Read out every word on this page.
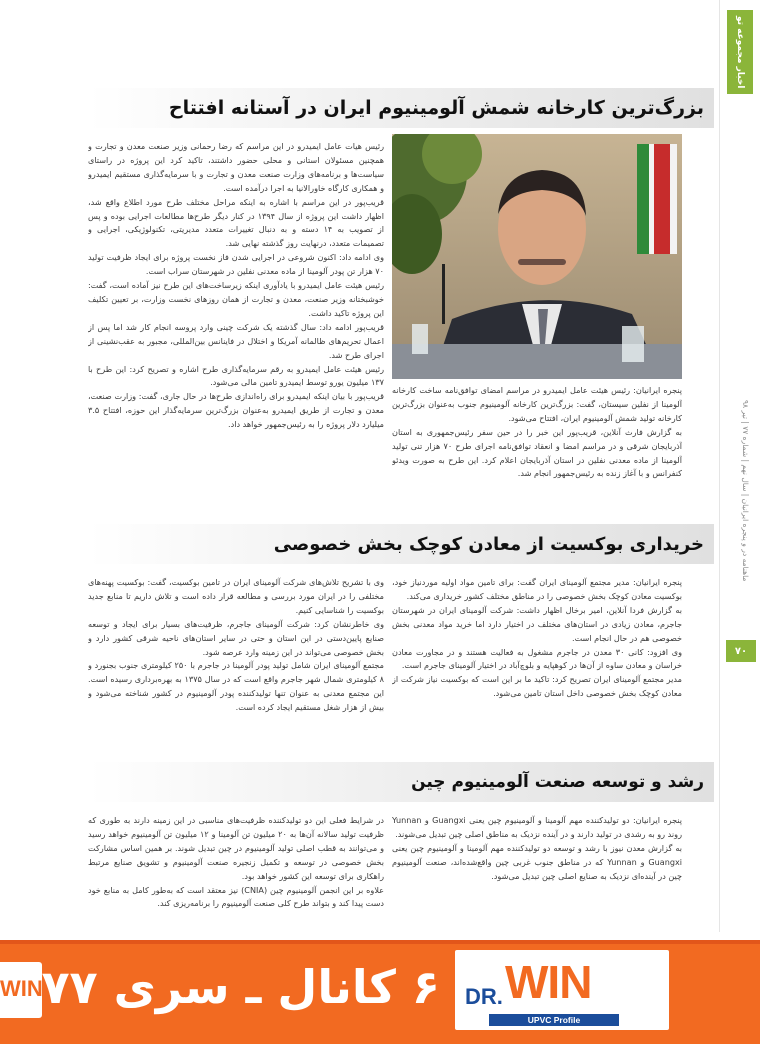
اخبار مجموعه تو
ماهنامه در و پنجره ایرانیان | سال نهم | شماره ۷۷ | تیر ۹۸
۷۰
بزرگ‌ترین کارخانه شمش آلومینیوم ایران در آستانه افتتاح

رئیس هیات عامل ایمیدرو در این مراسم که رضا رحمانی وزیر صنعت معدن و تجارت و همچنین مسئولان استانی و محلی حضور داشتند، تاکید کرد این پروژه در راستای سیاست‌ها و برنامه‌های وزارت صنعت معدن و تجارت و با سرمایه‌گذاری مستقیم ایمیدرو و همکاری کارگاه خاورالانیا به اجرا درآمده است.

قریب‌پور در این مراسم با اشاره به اینکه مراحل مختلف طرح مورد اطلاع واقع شد، اظهار داشت این پروژه از سال ۱۳۹۴ در کنار دیگر طرح‌ها مطالعات اجرایی بوده و پس از تصویب به ۱۴ دسته و به دنبال تغییرات متعدد مدیریتی، تکنولوژیکی، اجرایی و تصمیمات متعدد، درنهایت روز گذشته نهایی شد.

وی ادامه داد: اکنون شروعی در اجرایی شدن فاز نخست پروژه برای ایجاد ظرفیت تولید ۷۰ هزار تن پودر آلومینا از ماده معدنی نفلین در شهرستان سراب است.

رئیس هیئت عامل ایمیدرو با یادآوری اینکه زیرساخت‌های این طرح نیز آماده است، گفت: خوشبختانه وزیر صنعت، معدن و تجارت از همان روزهای نخست وزارت، بر تعیین تکلیف این پروژه تاکید داشت.

قریب‌پور ادامه داد: سال گذشته یک شرکت چینی وارد پروسه انجام کار شد اما پس از اعمال تحریم‌های ظالمانه آمریکا و اختلال در فاینانس بین‌المللی، مجبور به عقب‌نشینی از اجرای طرح شد.

رئیس هیئت عامل ایمیدرو به رقم سرمایه‌گذاری طرح اشاره و تصریح کرد: این طرح با ۱۳۷ میلیون یورو توسط ایمیدرو تامین مالی می‌شود.

قریب‌پور با بیان اینکه ایمیدرو برای راه‌اندازی طرح‌ها در حال جاری، گفت: وزارت صنعت، معدن و تجارت از طریق ایمیدرو به‌عنوان بزرگ‌ترین سرمایه‌گذار این حوزه، افتتاح ۳.۵ میلیارد دلار پروژه را به رئیس‌جمهور خواهد داد.

پنجره ایرانیان: رئیس هیئت عامل ایمیدرو در مراسم امضای توافق‌نامه ساخت کارخانه آلومینا از نفلین سیستان، گفت: بزرگ‌ترین کارخانه آلومینیوم جنوب به‌عنوان بزرگ‌ترین کارخانه تولید شمش آلومینیوم ایران، افتتاح می‌شود.

به گزارش فارث آنلاین، قریب‌پور این خبر را در حین سفر رئیس‌جمهوری به استان آذربایجان شرقی و در مراسم امضا و انعقاد توافق‌نامه اجرای طرح ۷۰ هزار تنی تولید آلومینا از ماده معدنی نفلین در استان آذربایجان اعلام کرد. این طرح به صورت ویدئو کنفرانس و با آغاز زنده به رئیس‌جمهور انجام شد.

خریداری بوکسیت از معادن کوچک بخش خصوصی

پنجره ایرانیان: مدیر مجتمع آلومینای ایران گفت: برای تامین مواد اولیه موردنیاز خود، بوکسیت معادن کوچک بخش خصوصی را در مناطق مختلف کشور خریداری می‌کند.

به گزارش فردا آنلاین، امیر برخال اظهار داشت: شرکت آلومینای ایران در شهرستان جاجرم، معادن زیادی در استان‌های مختلف در اختیار دارد اما خرید مواد معدنی بخش خصوصی هم در حال انجام است.

وی افزود: کانی ۳۰ معدن در جاجرم مشغول به فعالیت هستند و در مجاورت معادن خراسان و معادن ساوه از آن‌ها در کوهپایه و بلوچ‌آباد در اختیار آلومینای جاجرم است.

مدیر مجتمع آلومینای ایران تصریح کرد: تاکید ما بر این است که بوکسیت نیاز شرکت از معادن کوچک بخش خصوصی داخل استان تامین می‌شود.

وی با تشریح تلاش‌های شرکت آلومینای ایران در تامین بوکسیت، گفت: بوکسیت پهنه‌های مختلفی را در ایران مورد بررسی و مطالعه قرار داده است و تلاش داریم تا منابع جدید بوکسیت را شناسایی کنیم.

وی خاطرنشان کرد: شرکت آلومینای جاجرم، ظرفیت‌های بسیار برای ایجاد و توسعه صنایع پایین‌دستی در این استان و حتی در سایر استان‌های ناحیه شرقی کشور دارد و بخش خصوصی می‌تواند در این زمینه وارد عرصه شود.

مجتمع آلومینای ایران شامل تولید پودر آلومینا در جاجرم با ۲۵۰ کیلومتری جنوب بجنورد و ۸ کیلومتری شمال شهر جاجرم واقع است که در سال ۱۳۷۵ به بهره‌برداری رسیده است. این مجتمع معدنی به عنوان تنها تولیدکننده پودر آلومینیوم در کشور شناخته می‌شود و بیش از هزار شغل مستقیم ایجاد کرده است.

رشد و توسعه صنعت آلومینیوم چین

پنجره ایرانیان: دو تولیدکننده مهم آلومینا و آلومینیوم چین یعنی Guangxi و Yunnan روند رو به رشدی در تولید دارند و در آینده نزدیک به مناطق اصلی چین تبدیل می‌شوند.

به گزارش معدن نیوز با رشد و توسعه دو تولیدکننده مهم آلومینا و آلومینیوم چین یعنی Guangxi و Yunnan که در مناطق جنوب غربی چین واقع‌شده‌اند، صنعت آلومینیوم چین در آینده‌ای نزدیک به صنایع اصلی چین تبدیل می‌شود.

در شرایط فعلی این دو تولیدکننده ظرفیت‌های مناسبی در این زمینه دارند به طوری که ظرفیت تولید سالانه آن‌ها به ۲۰ میلیون تن آلومینا و ۱۲ میلیون تن آلومینیوم خواهد رسید و می‌توانند به قطب اصلی تولید آلومینیوم در چین تبدیل شوند. بر همین اساس مشارکت بخش خصوصی در توسعه و تکمیل زنجیره صنعت آلومینیوم و تشویق صنایع مرتبط راهکاری برای توسعه این کشور خواهد بود.

علاوه بر این انجمن آلومینیوم چین (CNIA) نیز معتقد است که به‌طور کامل به منابع خود دست پیدا کند و بتواند طرح کلی صنعت آلومینیوم را برنامه‌ریزی کند.

WIN
۶ کانال ـ سری ۷۷ DR. WIN
UPVC Profile
